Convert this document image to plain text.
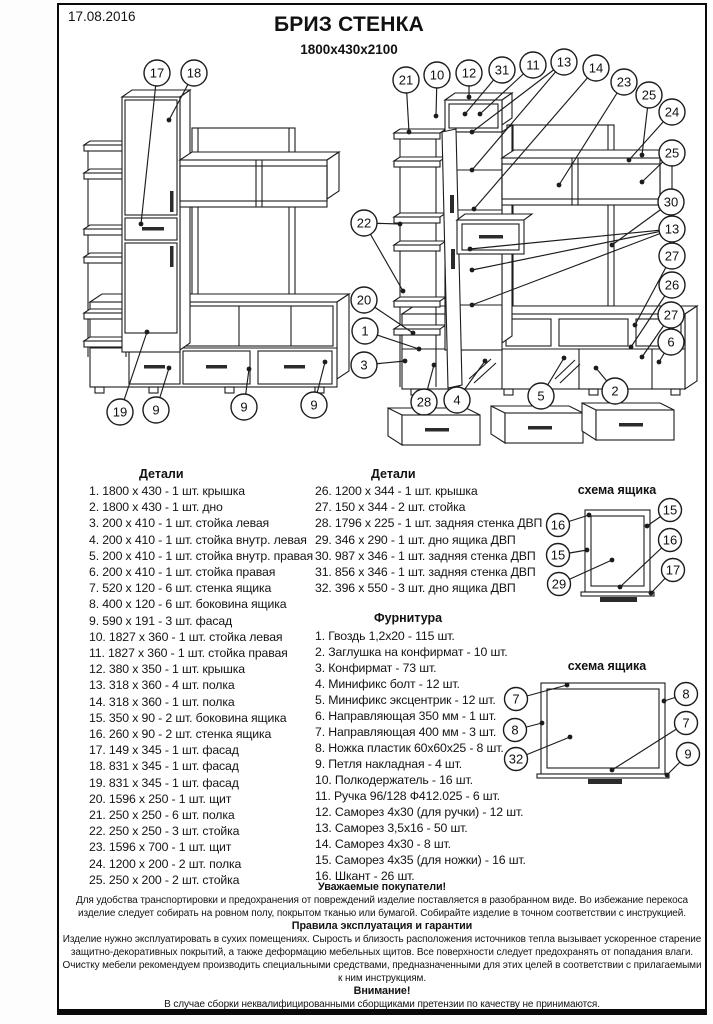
17.08.2016	БРИЗ СТЕНКА
1800х430х2100
17 18
19 9	9	9
21 10 12 31 11 13 14
23
25
24
25
30
13
27
26
27
6
22
20
1
3
28 4	5	2
16
15
15
16
29
17
7	8
8
32
7
9
схема ящика
схема ящика
Детали
1. 1800 х 430 - 1 шт. крышка
2. 1800 х 430 - 1 шт. дно
3. 200 х 410 - 1 шт. стойка левая
4. 200 х 410 - 1 шт. стойка внутр. левая
5. 200 х 410 - 1 шт. стойка внутр. правая
6. 200 х 410 - 1 шт. стойка правая
7. 520 х 120 - 6 шт. стенка ящика
8. 400 х 120 - 6 шт. боковина ящика
9. 590 х 191 - 3 шт. фасад
10. 1827 х 360 - 1 шт. стойка левая
11. 1827 х 360 - 1 шт. стойка правая
12. 380 х 350 - 1 шт. крышка
13. 318 х 360 - 4 шт. полка
14. 318 х 360 - 1 шт. полка
15. 350 х 90 - 2 шт. боковина ящика
16. 260 х 90 - 2 шт. стенка ящика
17. 149 х 345 - 1 шт. фасад
18. 831 х 345 - 1 шт. фасад
19. 831 х 345 - 1 шт. фасад
20. 1596 х 250 - 1 шт. щит
21. 250 х 250 - 6 шт. полка
22. 250 х 250 - 3 шт. стойка
23. 1596 х 700 - 1 шт. щит
24. 1200 х 200 - 2 шт. полка
25. 250 х 200 - 2 шт. стойка
Детали
26. 1200 х 344 - 1 шт. крышка
27. 150 х 344 - 2 шт. стойка
28. 1796 х 225 - 1 шт. задняя стенка ДВП
29. 346 х 290 - 1 шт. дно ящика ДВП
30. 987 х 346 - 1 шт. задняя стенка ДВП
31. 856 х 346 - 1 шт. задняя стенка ДВП
32. 396 х 550 - 3 шт. дно ящика ДВП
Фурнитура
1. Гвоздь 1,2х20 - 115 шт.
2. Заглушка на конфирмат - 10 шт.
3. Конфирмат - 73 шт.
4. Минификс болт - 12 шт.
5. Минификс эксцентрик - 12 шт.
6. Направляющая 350 мм - 1 шт.
7. Направляющая 400 мм - 3 шт.
8. Ножка пластик 60х60х25 - 8 шт.
9. Петля накладная - 4 шт.
10. Полкодержатель - 16 шт.
11. Ручка 96/128 Ф412.025 - 6 шт.
12. Саморез 4х30 (для ручки) - 12 шт.
13. Саморез 3,5х16 - 50 шт.
14. Саморез 4х30 - 8 шт.
15. Саморез 4х35 (для ножки) - 16 шт.
16. Шкант - 26 шт.
Уважаемые покупатели!
Для удобства транспортировки и предохранения от повреждений изделие поставляется в разобранном виде. Во избежание перекоса
изделие следует собирать на ровном полу, покрытом тканью или бумагой. Собирайте изделие в точном соответствии с инструкцией.
Правила эксплуатация и гарантии
Изделие нужно эксплуатировать в сухих помещениях. Сырость и близость расположения источников тепла вызывает ускоренное старение
защитно-декоративных покрытий, а также деформацию мебельных щитов. Все поверхности следует предохранять от попадания влаги.
Очистку мебели рекомендуем производить специальными средствами, предназначенными для этих целей в соответствии с прилагаемыми
к ним инструкциям.
Внимание!
В случае сборки неквалифицированными сборщиками претензии по качеству не принимаются.
